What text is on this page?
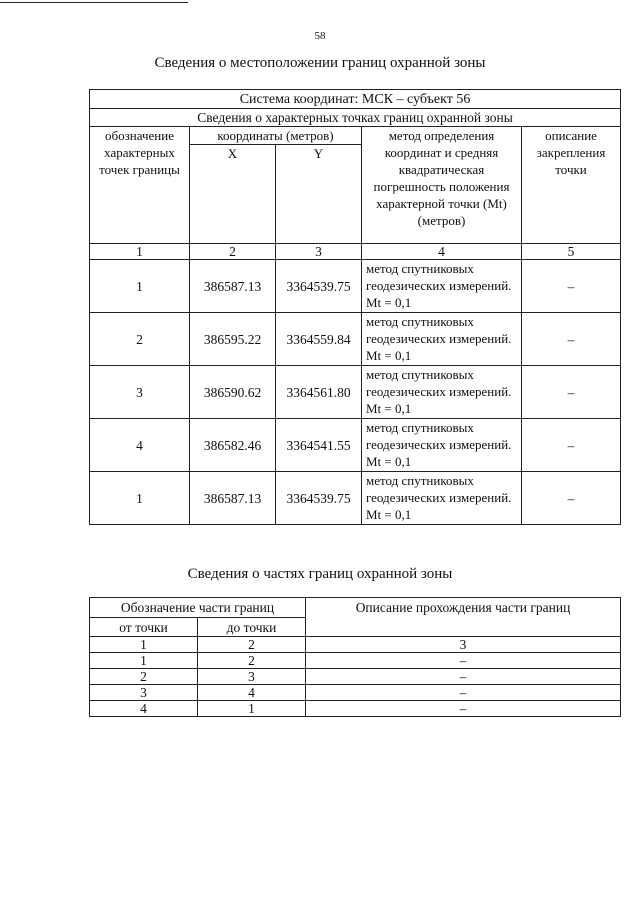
58
Сведения о местоположении границ охранной зоны
Система координат: МСК – субъект 56				
Сведения о характерных точках границ охранной зоны				
обозначение характерных точек границы	координаты (метров)		метод определения координат и средняя квадратическая погрешность положения характерной точки (Mt) (метров)	описание закрепления точки
	X	Y		
1	2	3	4	5
1	386587.13	3364539.75	метод спутниковых геодезических измерений. Mt = 0,1	–
2	386595.22	3364559.84	метод спутниковых геодезических измерений. Mt = 0,1	–
3	386590.62	3364561.80	метод спутниковых геодезических измерений. Mt = 0,1	–
4	386582.46	3364541.55	метод спутниковых геодезических измерений. Mt = 0,1	–
1	386587.13	3364539.75	метод спутниковых геодезических измерений. Mt = 0,1	–
Сведения о частях границ охранной зоны
Обозначение части границ		Описание прохождения части границ
от точки	до точки	
1	2	3
1	2	–
2	3	–
3	4	–
4	1	–
